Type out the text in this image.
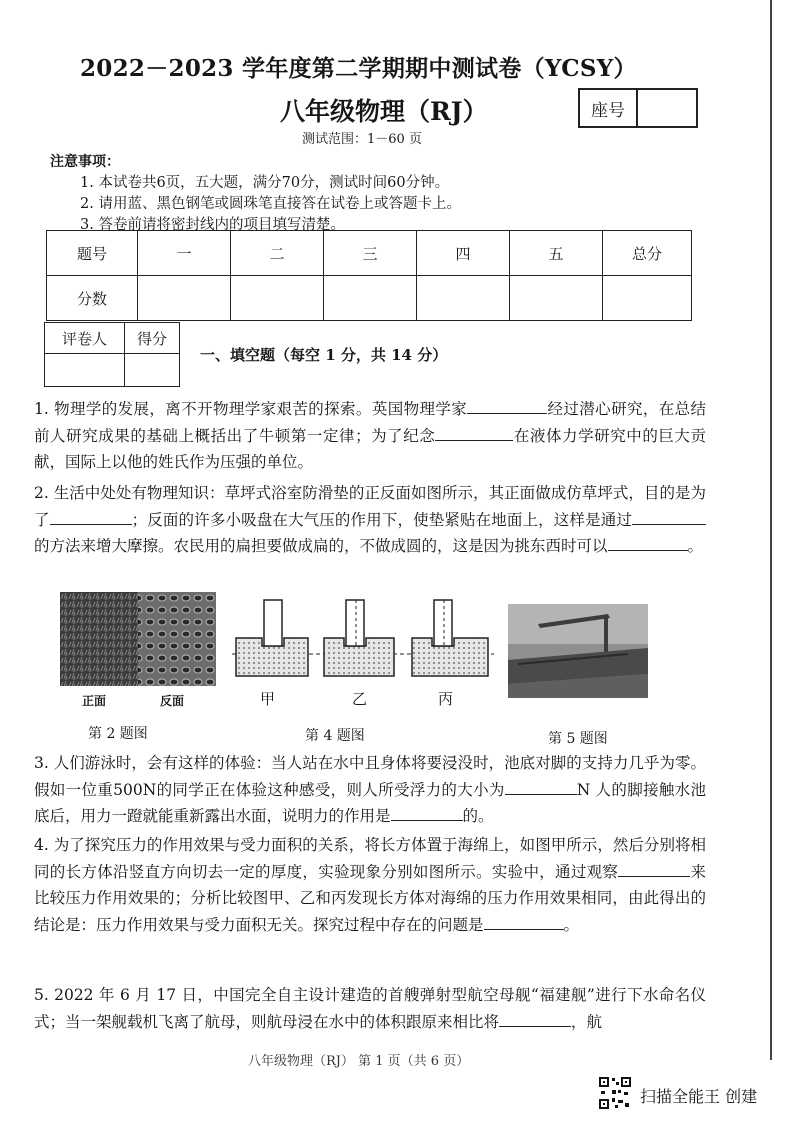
2022－2023 学年度第二学期期中测试卷（YCSY）
八年级物理（RJ）	座号
测试范围：1－60 页
注意事项：
1. 本试卷共6页，五大题，满分70分，测试时间60分钟。
2. 请用蓝、黑色钢笔或圆珠笔直接答在试卷上或答题卡上。
3. 答卷前请将密封线内的项目填写清楚。
题号	一	二	三	四	五	总分
分数						
评卷人	得分

一、填空题（每空 1 分，共 14 分）
1. 物理学的发展，离不开物理学家艰苦的探索。英国物理学家	经过潜心研究，在总结前人研究成果的基础上概括出了牛顿第一定律；为了纪念	在液体力学研究中的巨大贡献，国际上以他的姓氏作为压强的单位。
2. 生活中处处有物理知识：草坪式浴室防滑垫的正反面如图所示，其正面做成仿草坪式，目的是为了	；反面的许多小吸盘在大气压的作用下，使垫紧贴在地面上，这样是通过的方法来增大摩擦。农民用的扁担要做成扁的，不做成圆的，这是因为挑东西时可以	。
正面	反面
第 2 题图
甲	乙	丙
第 4 题图	第 5 题图
3. 人们游泳时，会有这样的体验：当人站在水中且身体将要浸没时，池底对脚的支持力几乎为零。假如一位重500N的同学正在体验这种感受，则人所受浮力的大小为	N 人的脚接触水池底后，用力一蹬就能重新露出水面，说明力的作用是	的。
4. 为了探究压力的作用效果与受力面积的关系，将长方体置于海绵上，如图甲所示，然后分别将相同的长方体沿竖直方向切去一定的厚度，实验现象分别如图所示。实验中，通过观察	来比较压力作用效果的；分析比较图甲、乙和丙发现长方体对海绵的压力作用效果相同，由此得出的结论是：压力作用效果与受力面积无关。探究过程中存在的问题是	。
5. 2022 年 6 月 17 日，中国完全自主设计建造的首艘弹射型航空母舰“福建舰”进行下水命名仪式；当一架舰载机飞离了航母，则航母浸在水中的体积跟原来相比将	，航
八年级物理（RJ） 第 1 页（共 6 页）
扫描全能王 创建
